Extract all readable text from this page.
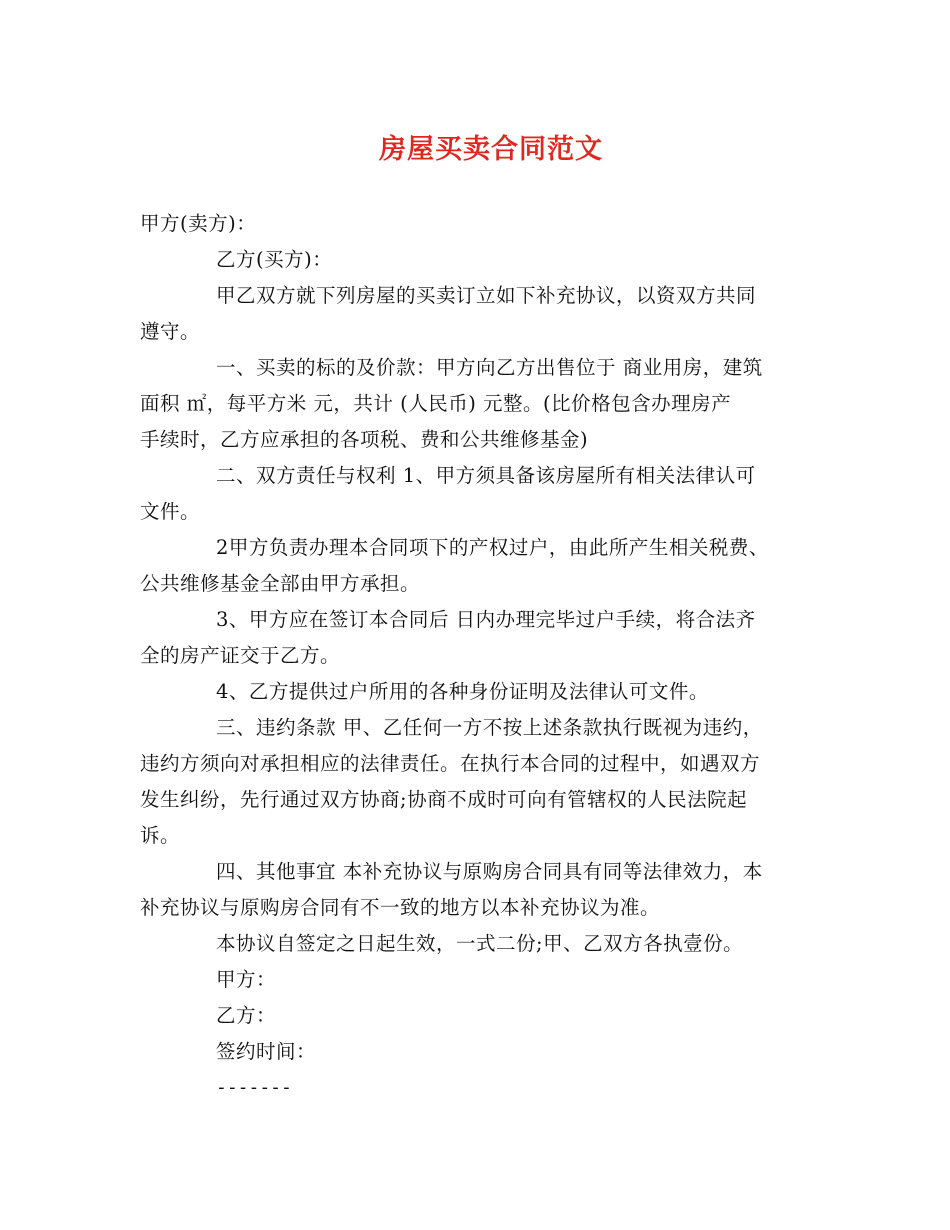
房屋买卖合同范文
甲方(卖方)：
乙方(买方)：
甲乙双方就下列房屋的买卖订立如下补充协议，以资双方共同
遵守。
一、买卖的标的及价款：甲方向乙方出售位于 商业用房，建筑
面积 ㎡，每平方米 元，共计 (人民币) 元整。(比价格包含办理房产
手续时，乙方应承担的各项税、费和公共维修基金)
二、双方责任与权利 1、甲方须具备该房屋所有相关法律认可
文件。
2甲方负责办理本合同项下的产权过户，由此所产生相关税费、
公共维修基金全部由甲方承担。
3、甲方应在签订本合同后 日内办理完毕过户手续，将合法齐
全的房产证交于乙方。
4、乙方提供过户所用的各种身份证明及法律认可文件。
三、违约条款 甲、乙任何一方不按上述条款执行既视为违约，
违约方须向对承担相应的法律责任。在执行本合同的过程中，如遇双方
发生纠纷，先行通过双方协商;协商不成时可向有管辖权的人民法院起
诉。
四、其他事宜 本补充协议与原购房合同具有同等法律效力，本
补充协议与原购房合同有不一致的地方以本补充协议为准。
本协议自签定之日起生效，一式二份;甲、乙双方各执壹份。
甲方：
乙方：
签约时间：
-------
